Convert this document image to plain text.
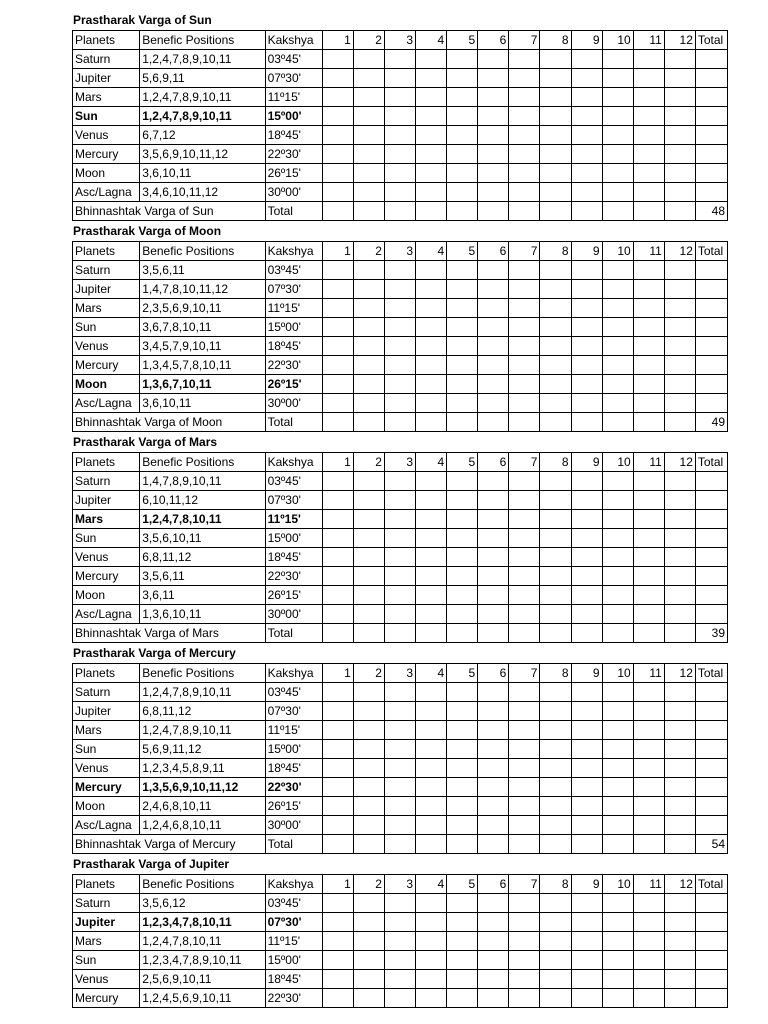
Prastharak Varga of Sun
Planets	Benefic Positions	Kakshya	1	2	3	4	5	6	7	8	9	10	11	12	Total
Saturn	1,2,4,7,8,9,10,11	03º45'													
Jupiter	5,6,9,11	07º30'													
Mars	1,2,4,7,8,9,10,11	11º15'													
Sun	1,2,4,7,8,9,10,11	15º00'													
Venus	6,7,12	18º45'													
Mercury	3,5,6,9,10,11,12	22º30'													
Moon	3,6,10,11	26º15'													
Asc/Lagna	3,4,6,10,11,12	30º00'													
Bhinnashtak Varga of Sun		Total													48
Prastharak Varga of Moon
Planets	Benefic Positions	Kakshya	1	2	3	4	5	6	7	8	9	10	11	12	Total
Saturn	3,5,6,11	03º45'													
Jupiter	1,4,7,8,10,11,12	07º30'													
Mars	2,3,5,6,9,10,11	11º15'													
Sun	3,6,7,8,10,11	15º00'													
Venus	3,4,5,7,9,10,11	18º45'													
Mercury	1,3,4,5,7,8,10,11	22º30'													
Moon	1,3,6,7,10,11	26º15'													
Asc/Lagna	3,6,10,11	30º00'													
Bhinnashtak Varga of Moon		Total													49
Prastharak Varga of Mars
Planets	Benefic Positions	Kakshya	1	2	3	4	5	6	7	8	9	10	11	12	Total
Saturn	1,4,7,8,9,10,11	03º45'													
Jupiter	6,10,11,12	07º30'													
Mars	1,2,4,7,8,10,11	11º15'													
Sun	3,5,6,10,11	15º00'													
Venus	6,8,11,12	18º45'													
Mercury	3,5,6,11	22º30'													
Moon	3,6,11	26º15'													
Asc/Lagna	1,3,6,10,11	30º00'													
Bhinnashtak Varga of Mars		Total													39
Prastharak Varga of Mercury
Planets	Benefic Positions	Kakshya	1	2	3	4	5	6	7	8	9	10	11	12	Total
Saturn	1,2,4,7,8,9,10,11	03º45'													
Jupiter	6,8,11,12	07º30'													
Mars	1,2,4,7,8,9,10,11	11º15'													
Sun	5,6,9,11,12	15º00'													
Venus	1,2,3,4,5,8,9,11	18º45'													
Mercury	1,3,5,6,9,10,11,12	22º30'													
Moon	2,4,6,8,10,11	26º15'													
Asc/Lagna	1,2,4,6,8,10,11	30º00'													
Bhinnashtak Varga of Mercury		Total													54
Prastharak Varga of Jupiter
Planets	Benefic Positions	Kakshya	1	2	3	4	5	6	7	8	9	10	11	12	Total
Saturn	3,5,6,12	03º45'													
Jupiter	1,2,3,4,7,8,10,11	07º30'													
Mars	1,2,4,7,8,10,11	11º15'													
Sun	1,2,3,4,7,8,9,10,11	15º00'													
Venus	2,5,6,9,10,11	18º45'													
Mercury	1,2,4,5,6,9,10,11	22º30'													
